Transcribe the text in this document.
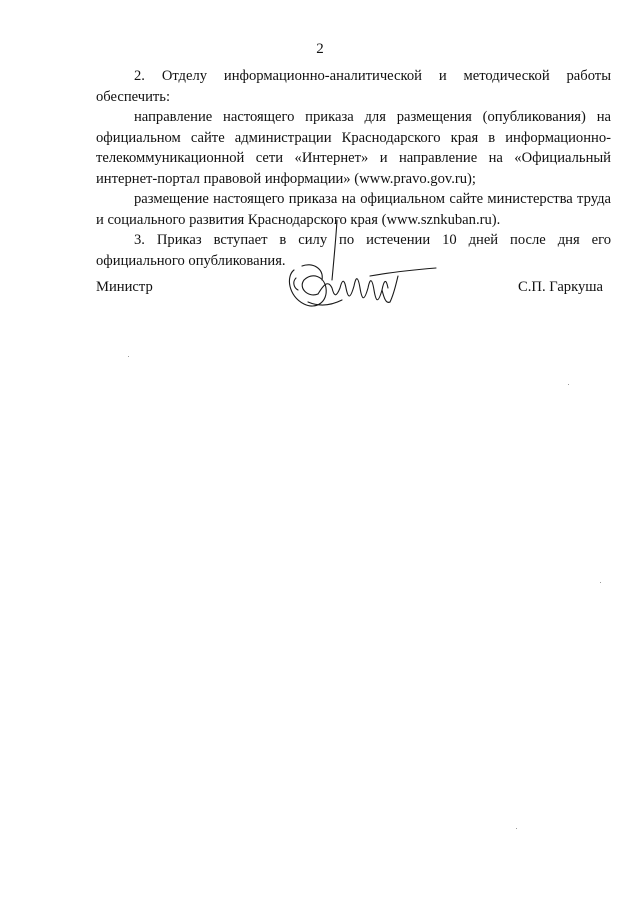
2

2. Отделу информационно-аналитической и методической работы обеспечить:

направление настоящего приказа для размещения (опубликования) на официальном сайте администрации Краснодарского края в информационно-телекоммуникационной сети «Интернет» и направление на «Официальный интернет-портал правовой информации» (www.pravo.gov.ru);

размещение настоящего приказа на официальном сайте министерства труда и социального развития Краснодарского края (www.sznkuban.ru).

3. Приказ вступает в силу по истечении 10 дней после дня его официального опубликования.

Министр	С.П. Гаркуша
